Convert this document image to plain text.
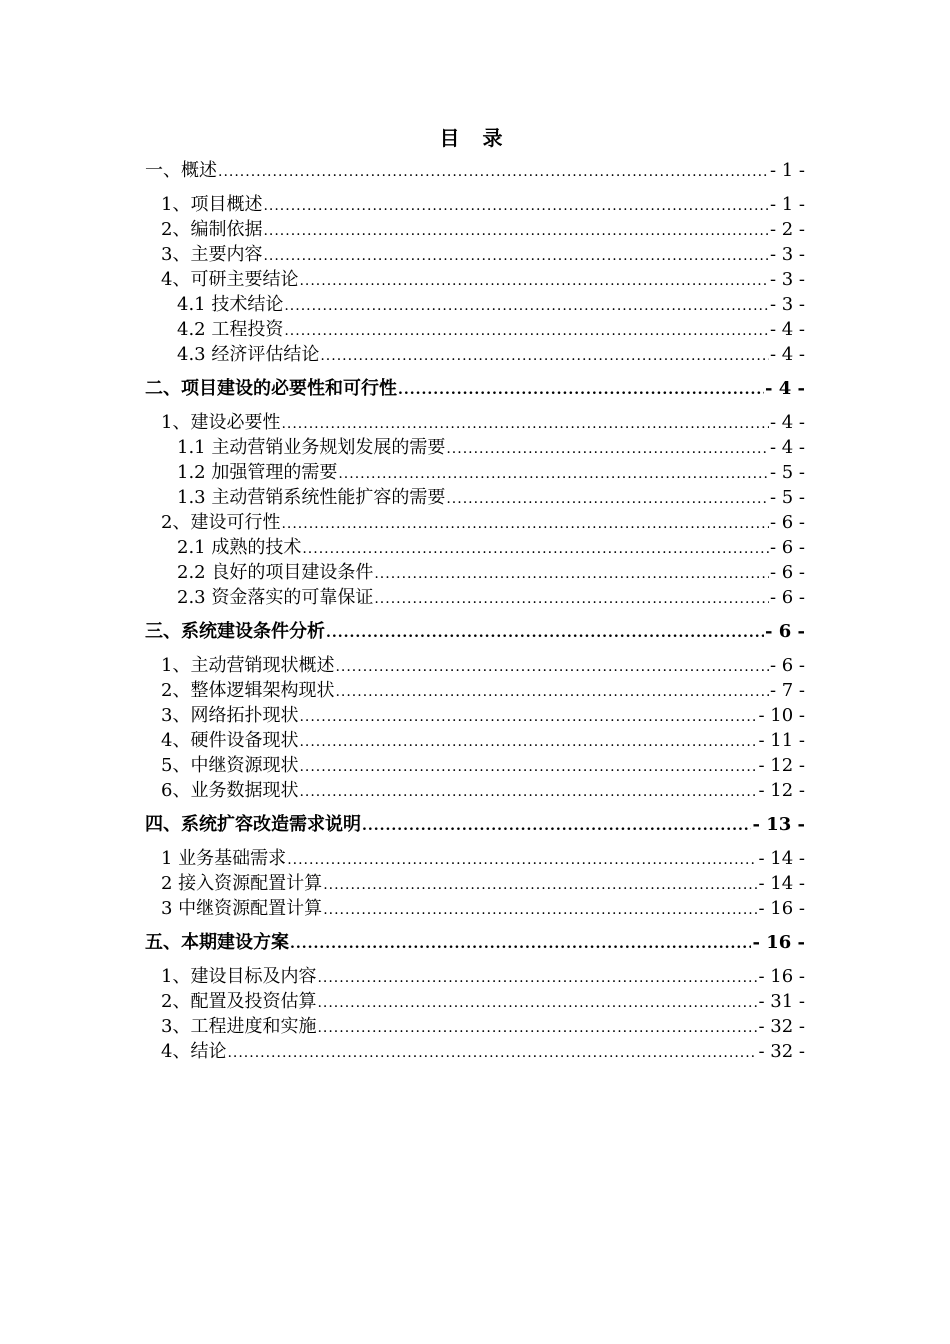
目 录
一、概述 .....	- 1 -
1、项目概述 .....	- 1 -
2、编制依据 .....	- 2 -
3、主要内容 .....	- 3 -
4、可研主要结论 .....	- 3 -
4.1 技术结论 .....	- 3 -
4.2 工程投资 .....	- 4 -
4.3 经济评估结论 .....	- 4 -
二、项目建设的必要性和可行性 .....	- 4 -
1、建设必要性 .....	- 4 -
1.1 主动营销业务规划发展的需要 .....	- 4 -
1.2 加强管理的需要 .....	- 5 -
1.3 主动营销系统性能扩容的需要 .....	- 5 -
2、建设可行性 .....	- 6 -
2.1 成熟的技术 .....	- 6 -
2.2 良好的项目建设条件 .....	- 6 -
2.3 资金落实的可靠保证 .....	- 6 -
三、系统建设条件分析 .....	- 6 -
1、主动营销现状概述 .....	- 6 -
2、整体逻辑架构现状 .....	- 7 -
3、网络拓扑现状 .....	- 10 -
4、硬件设备现状 .....	- 11 -
5、中继资源现状 .....	- 12 -
6、业务数据现状 .....	- 12 -
四、系统扩容改造需求说明 .....	- 13 -
1 业务基础需求 .....	- 14 -
2 接入资源配置计算 .....	- 14 -
3 中继资源配置计算 .....	- 16 -
五、本期建设方案 .....	- 16 -
1、建设目标及内容 .....	- 16 -
2、配置及投资估算 .....	- 31 -
3、工程进度和实施 .....	- 32 -
4、结论 .....	- 32 -
